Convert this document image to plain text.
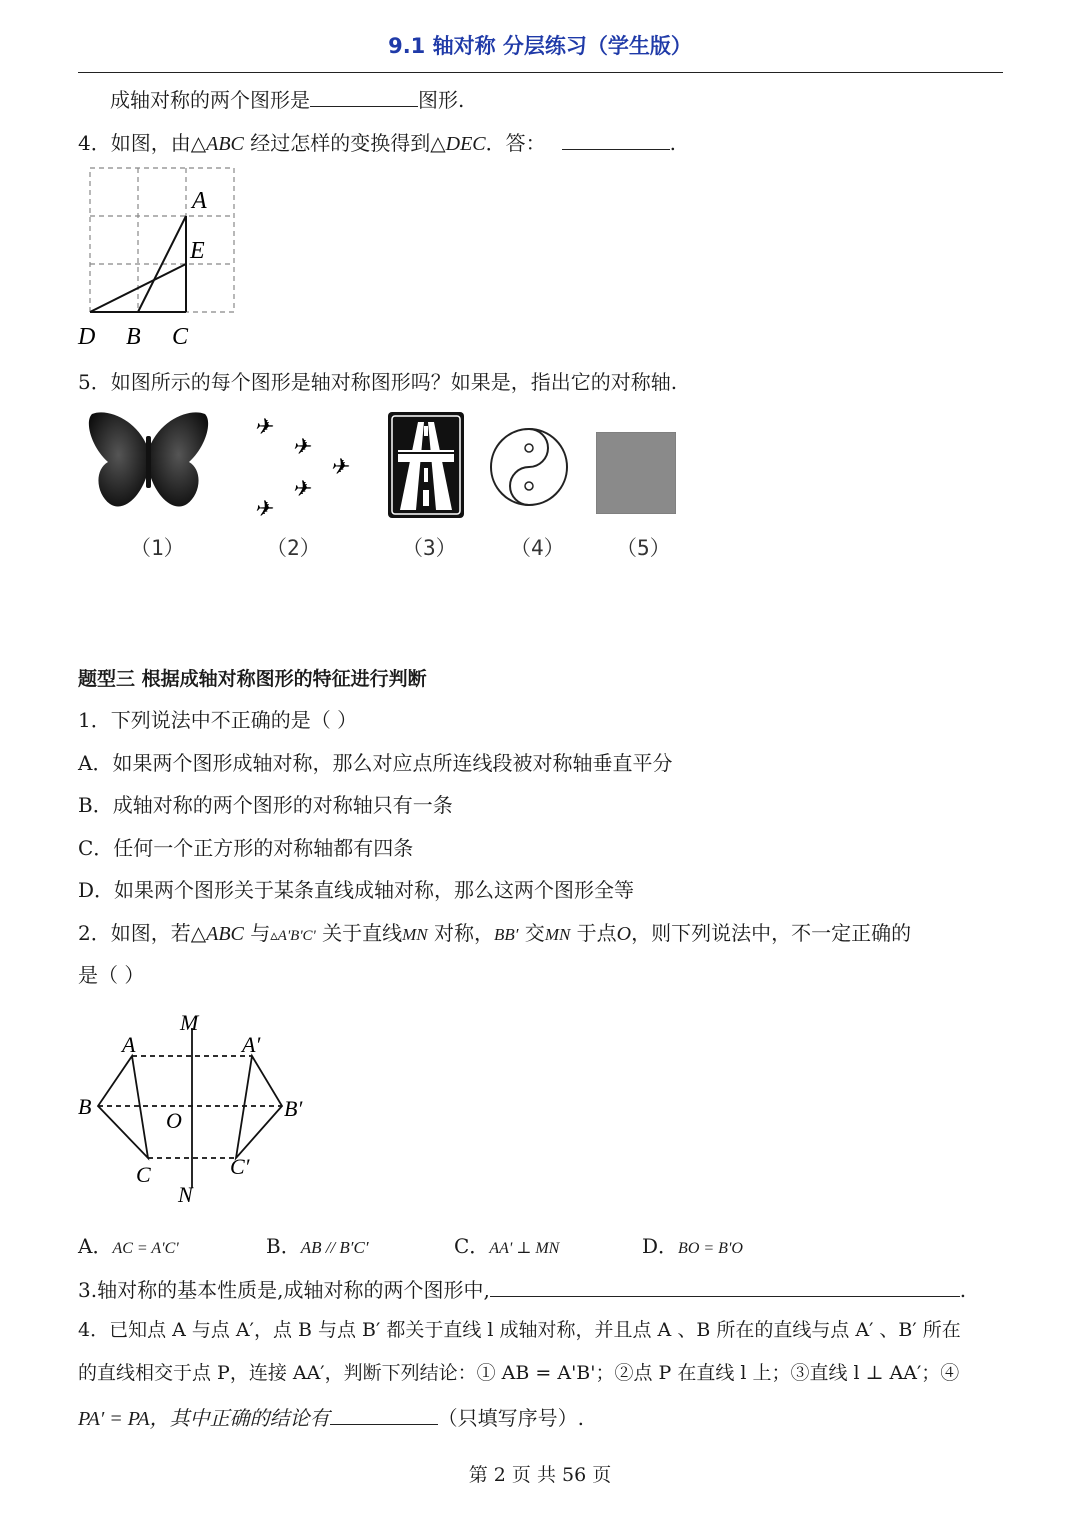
9.1 轴对称 分层练习（学生版）
成轴对称的两个图形是	图形.
4．如图，由△ABC 经过怎样的变换得到△DEC．答：	.
A
E
D B C
5．如图所示的每个图形是轴对称图形吗？如果是，指出它的对称轴.
✈
✈
✈
✈
✈
（1）	（2）	（3）	（4） （5）
题型三 根据成轴对称图形的特征进行判断
1．下列说法中不正确的是（ ）
A．如果两个图形成轴对称，那么对应点所连线段被对称轴垂直平分
B．成轴对称的两个图形的对称轴只有一条
C．任何一个正方形的对称轴都有四条
D．如果两个图形关于某条直线成轴对称，那么这两个图形全等
2．如图，若△ABC 与▵A'B'C' 关于直线MN 对称，BB′ 交MN 于点O，则下列说法中，不一定正确的
是（ ）
M
N
A	A′
B	B′
O
C	C′
A．AC = A'C'	B．AB // B′C′	C．AA' ⊥ MN	D．BO = B'O
3.轴对称的基本性质是,成轴对称的两个图形中,	.
4．已知点 A 与点 A′，点 B 与点 B′ 都关于直线 l 成轴对称，并且点 A 、B 所在的直线与点 A′ 、B′ 所在
的直线相交于点 P，连接 AA′，判断下列结论：① AB = A'B'；②点 P 在直线 l 上；③直线 l ⊥ AA′；④
PA′ = PA，其中正确的结论有	（只填写序号）.
第 2 页 共 56 页
